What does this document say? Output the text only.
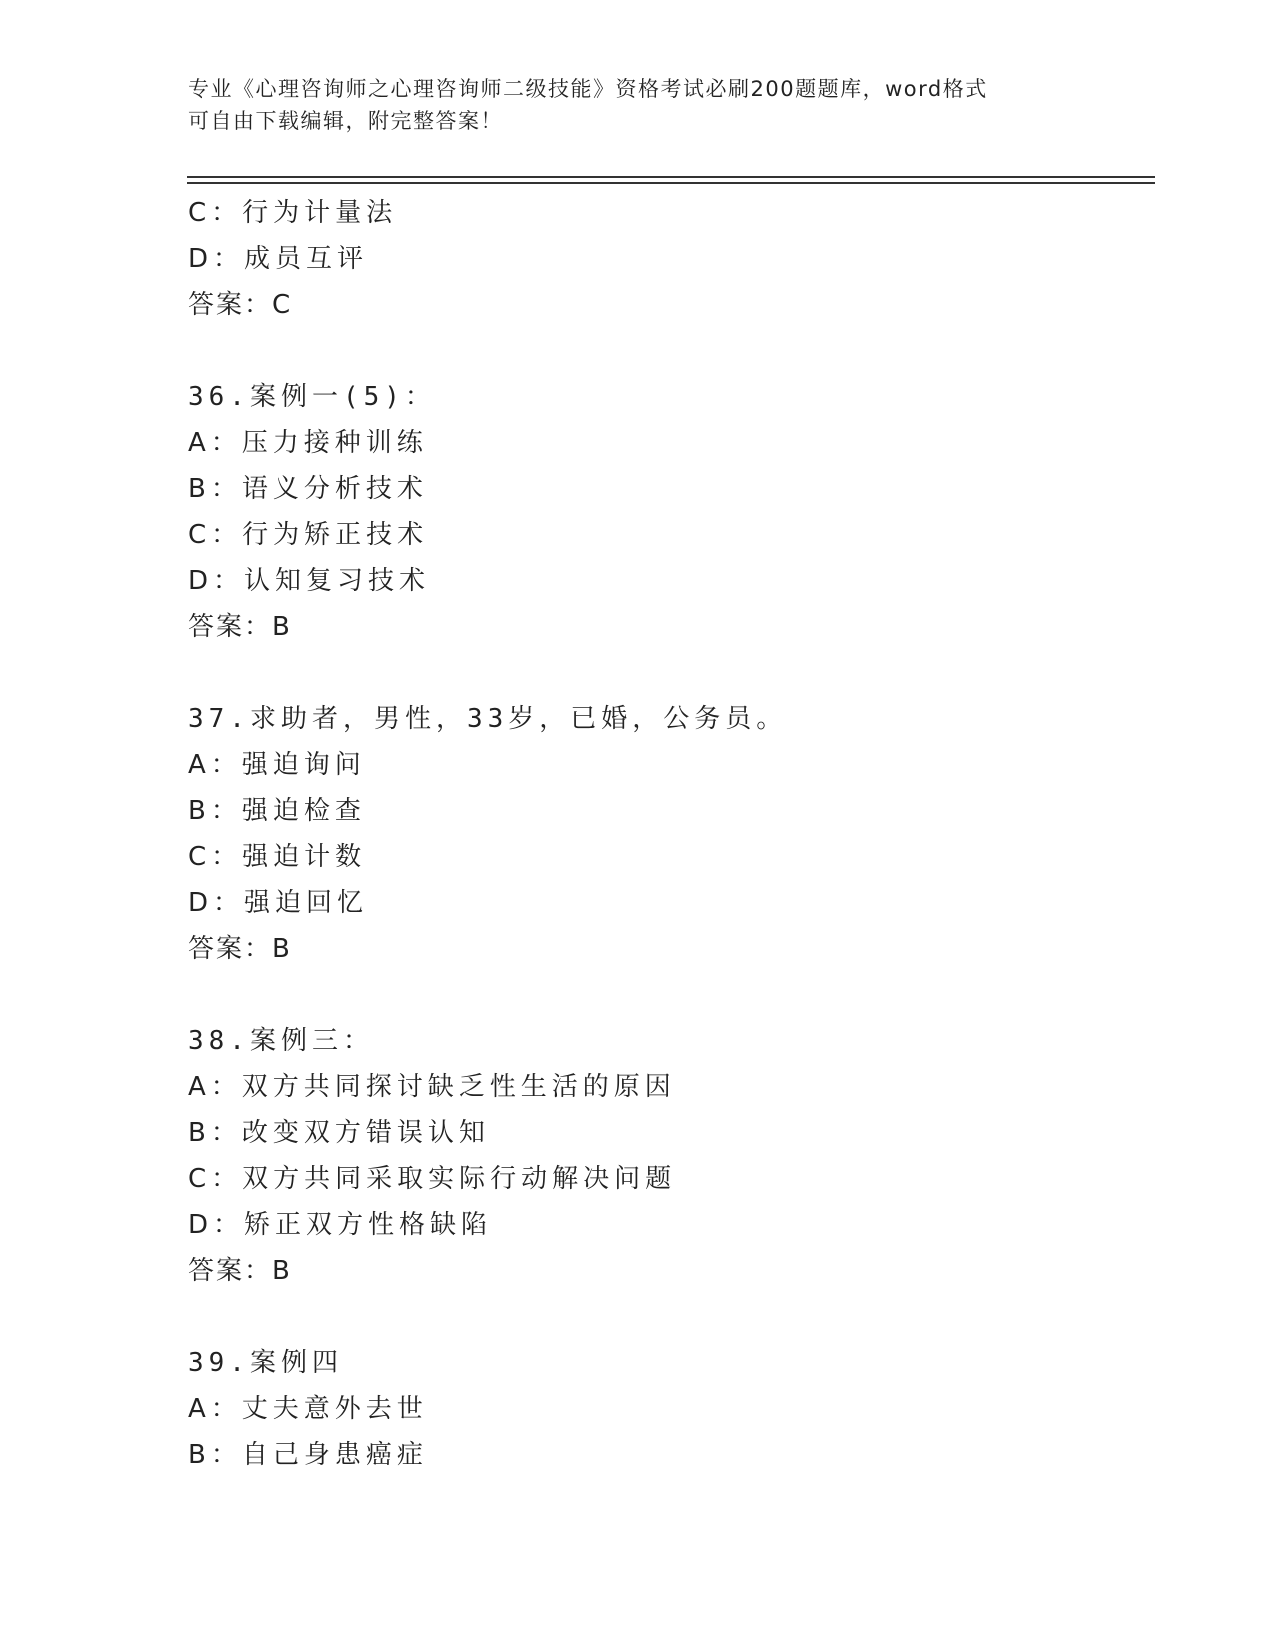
专业《心理咨询师之心理咨询师二级技能》资格考试必刷200题题库，word格式
可自由下载编辑，附完整答案！
C：行为计量法
D：成员互评
答案：C
36.案例一(5)：
A：压力接种训练
B：语义分析技术
C：行为矫正技术
D：认知复习技术
答案：B
37.求助者，男性，33岁，已婚，公务员。
A：强迫询问
B：强迫检查
C：强迫计数
D：强迫回忆
答案：B
38.案例三：
A：双方共同探讨缺乏性生活的原因
B：改变双方错误认知
C：双方共同采取实际行动解决问题
D：矫正双方性格缺陷
答案：B
39.案例四
A：丈夫意外去世
B：自己身患癌症
